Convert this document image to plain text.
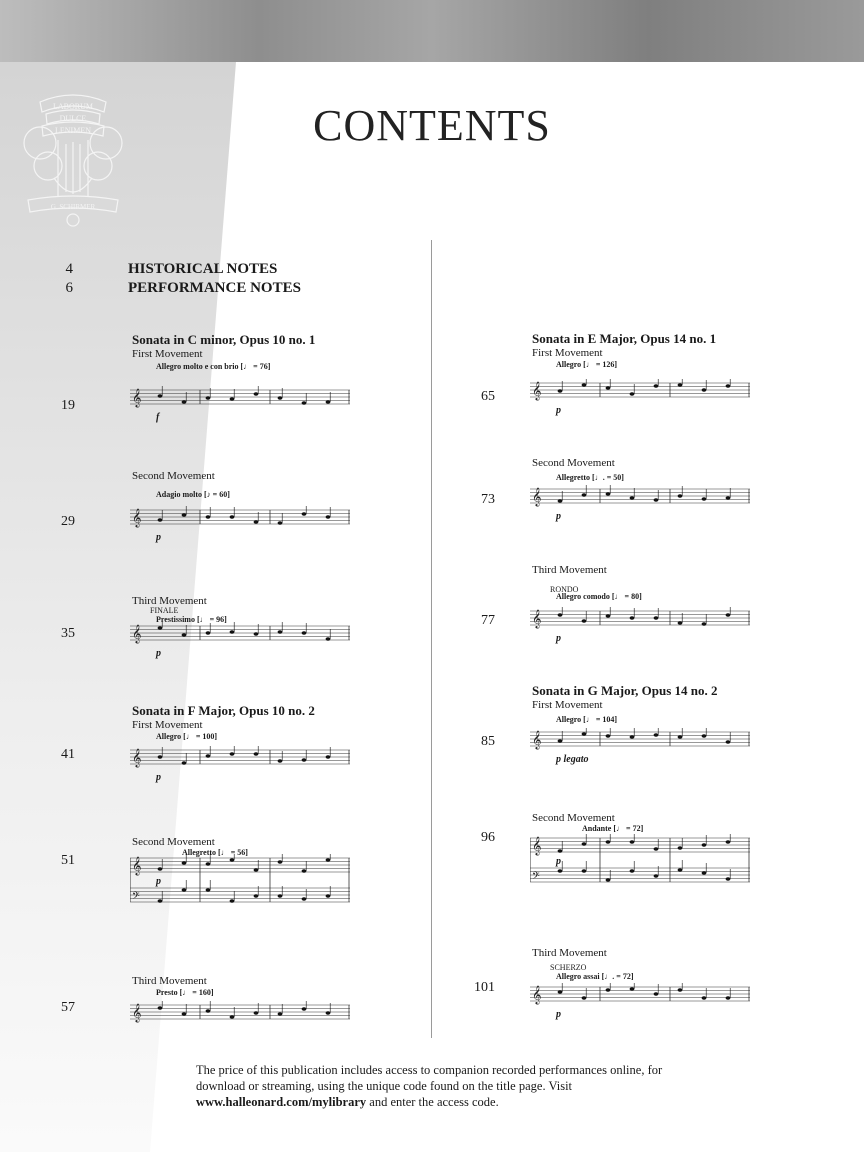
LABORUM
DULCE
LENIMEN
G. SCHIRMER
CONTENTS
4	HISTORICAL NOTES
6	PERFORMANCE NOTES
19
Sonata in C minor, Opus 10 no. 1
First Movement
Allegro molto e con brio [♩ = 76]
𝄞
f
29
Second Movement
Adagio molto [♪ = 60]
𝄞
p
35
Third Movement
FINALE
Prestissimo [♩ = 96]
𝄞
p
41
Sonata in F Major, Opus 10 no. 2
First Movement
Allegro [♩ = 100]
𝄞
p
51
Second Movement
Allegretto [♩ = 56]
𝄞
𝄢
p
57
Third Movement
Presto [♩ = 160]
𝄞
65
Sonata in E Major, Opus 14 no. 1
First Movement
Allegro [♩ = 126]
𝄞
p
73
Second Movement
Allegretto [♩. = 50]
𝄞
p
77
Third Movement
RONDO
Allegro comodo [♩ = 80]
𝄞
p
85
Sonata in G Major, Opus 14 no. 2
First Movement
Allegro [♩ = 104]
𝄞
p legato
96
Second Movement
Andante [♩ = 72]
𝄞
𝄢
p
101
Third Movement
SCHERZO
Allegro assai [♩. = 72]
𝄞
p
The price of this publication includes access to companion recorded performances online, for download or streaming, using the unique code found on the title page. Visit www.halleonard.com/mylibrary and enter the access code.
